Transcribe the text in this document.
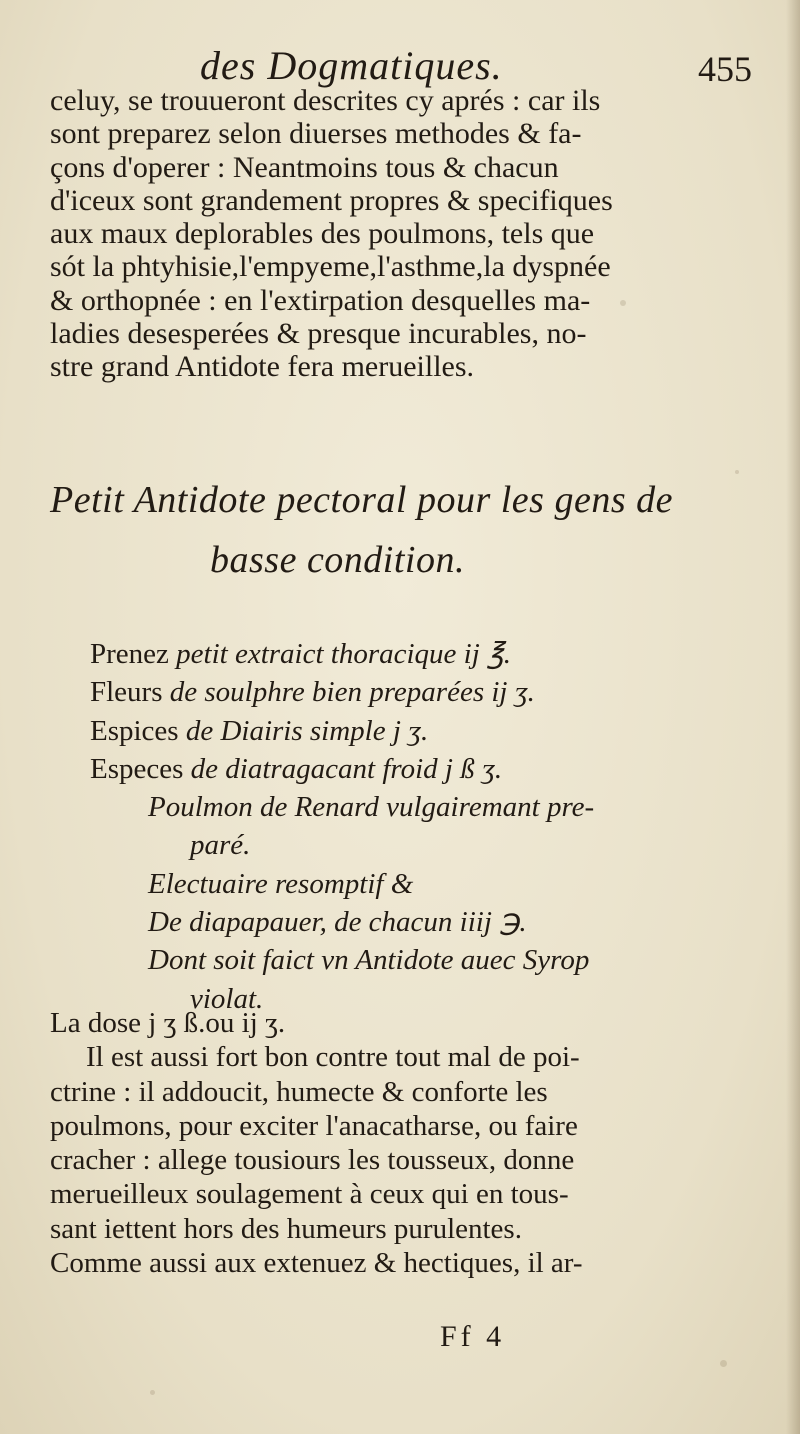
des Dogmatiques.	455
celuy, se trouueront descrites cy aprés : car ils
sont preparez selon diuerses methodes & fa-
çons d'operer : Neantmoins tous & chacun
d'iceux sont grandement propres & specifiques
aux maux deplorables des poulmons, tels que
sót la phtyhisie,l'empyeme,l'asthme,la dyspnée
& orthopnée : en l'extirpation desquelles ma-
ladies desesperées & presque incurables, no-
stre grand Antidote fera merueilles.
Petit Antidote pectoral pour les gens de
basse condition.
Prenez petit extraict thoracique ij ℥.
Fleurs de soulphre bien preparées ij ʒ.
Espices de Diairis simple j ʒ.
Especes de diatragacant froid j ß ʒ.
Poulmon de Renard vulgairemant pre-
paré.
Electuaire resomptif &
De diapapauer, de chacun iiij ℈.
Dont soit faict vn Antidote auec Syrop
violat.
La dose j ʒ ß.ou ij ʒ.
Il est aussi fort bon contre tout mal de poi-
ctrine : il addoucit, humecte & conforte les
poulmons, pour exciter l'anacatharse, ou faire
cracher : allege tousiours les tousseux, donne
merueilleux soulagement à ceux qui en tous-
sant iettent hors des humeurs purulentes.
Comme aussi aux extenuez & hectiques, il ar-
Ff 4
